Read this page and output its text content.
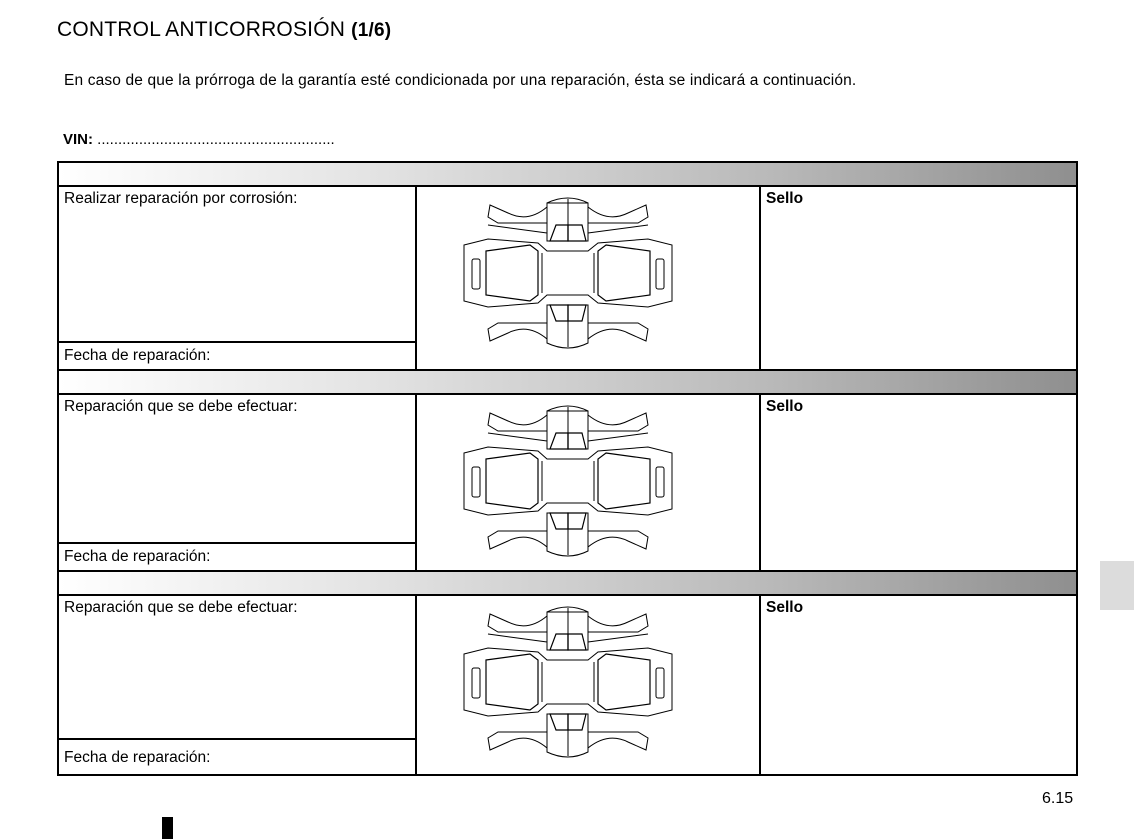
CONTROL ANTICORROSIÓN (1/6)
En caso de que la prórroga de la garantía esté condicionada por una reparación, ésta se indicará a continuación.
VIN: .........................................................
Realizar reparación por corrosión:
Fecha de reparación:
Sello
Reparación que se debe efectuar:
Fecha de reparación:
Sello
Reparación que se debe efectuar:
Fecha de reparación:
Sello
6.15
